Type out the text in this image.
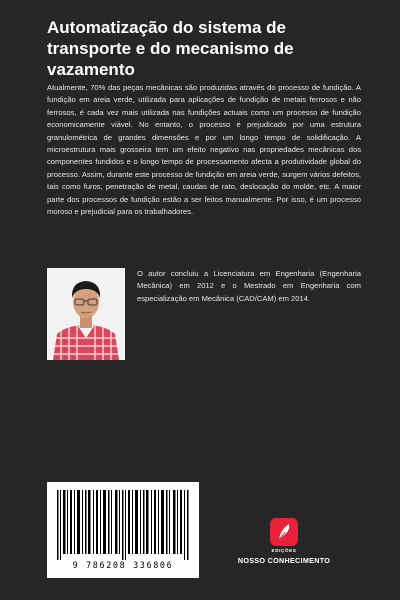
Automatização do sistema de transporte e do mecanismo de vazamento

Atualmente, 70% das peças mecânicas são produzidas através do processo de fundição. A fundição em areia verde, utilizada para aplicações de fundição de metais ferrosos e não ferrosos, é cada vez mais utilizada nas fundições actuais como um processo de fundição economicamente viável. No entanto, o processo é prejudicado por uma estrutura granulométrica de grandes dimensões e por um longo tempo de solidificação. A microestrutura mais grosseira tem um efeito negativo nas propriedades mecânicas dos componentes fundidos e o longo tempo de processamento afecta a produtividade global do processo. Assim, durante este processo de fundição em areia verde, surgem vários defeitos, tais como furos, penetração de metal, caudas de rato, deslocação do molde, etc. A maior parte dos processos de fundição estão a ser feitos manualmente. Por isso, é um processo moroso e prejudicial para os trabalhadores.

O autor concluiu a Licenciatura em Engenharia (Engenharia Mecânica) em 2012 e o Mestrado em Engenharia com especialização em Mecânica (CAD/CAM) em 2014.

9 786208 336806
EDIÇÕES
NOSSO CONHECIMENTO
